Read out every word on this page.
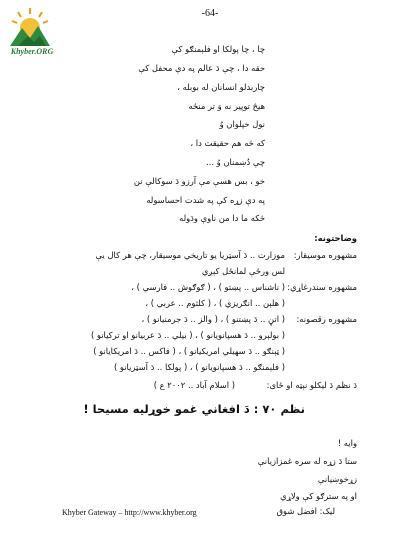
Khyber.ORG
-64-
چا ، چا پولکا او فلېمنګو کې
حقه دا ، چې دَ عالم په دې محفل کې
چاربدلو انسانان له بوبله ،
هيڅ توپير نه وَ تر منځه
نول خپلوان وُ
که څه هم حقيقت دا ،
چې دُښمنان وُ ...
خو ، بس هسې مې آرزو دَ سوکالې نن
په دې زړه کې په شدت احساسوله
څکه ما دا من ناوې ودَوله
وضاحتونه:
مشهوره موسيقار:
موزارت .. دَ آسټريا يو تاريخي موسيقار، چې هر کال يې
لس ورځې لمانځل کېږي
مشهوره سندرغاړي:
( ناشناس .. پښتو ) ، ( ګوګوش .. فارسي ) ،
( هلېن .. انګريزي ) ، ( کلثوم .. عربي ) ،
مشهوره رقصونه:
( اتڼ .. دَ پښتنو ) ، ( والز .. دَ جرمنيانو ) ،
( بولېرو .. دَ هسپانويانو ) ، ( بيلي .. دَ عربيانو او ترکيانو )
( ټېنګو .. دَ سهيلي امريکيانو ) ، ( فاکس .. دَ امريکايانو )
( فلېمنګو .. دَ هسپانويانو ) ، ( پولکا .. دَ آسټريانو )
دَ نظم دَ ليکلو نېټه او ځاى:
( اسلام آباد .. ۲۰۰۲ ع )
نظم ۷۰ : دَ افغاني غمو خوړليه مسيحا !
وايه !
ستا دَ زړه له سره غمزازيانې
زړخوښيانې
او په سترګو کې ولاړي
Khyber Gateway – http://www.khyber.org	ليک: افضل شوق
